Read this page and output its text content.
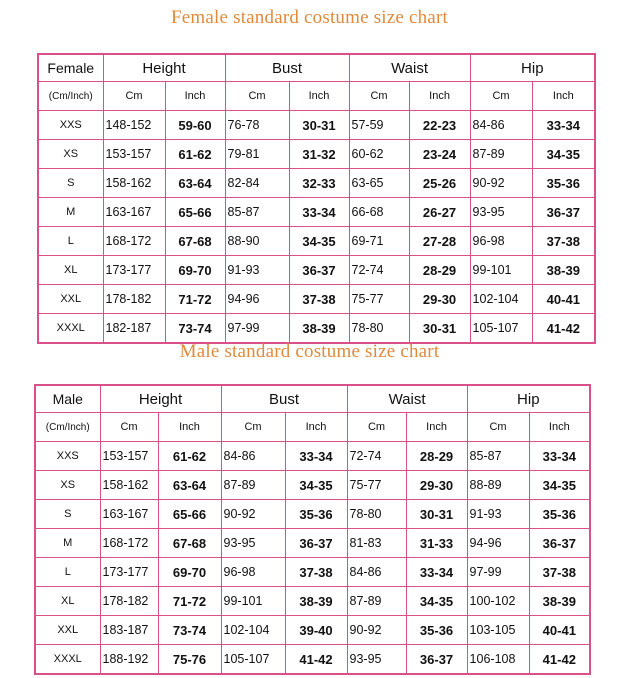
Female standard costume size chart
Female	Height		Bust		Waist		Hip	
(Cm/Inch)	Cm	Inch	Cm	Inch	Cm	Inch	Cm	Inch
XXS	148-152	59-60	76-78	30-31	57-59	22-23	84-86	33-34
XS	153-157	61-62	79-81	31-32	60-62	23-24	87-89	34-35
S	158-162	63-64	82-84	32-33	63-65	25-26	90-92	35-36
M	163-167	65-66	85-87	33-34	66-68	26-27	93-95	36-37
L	168-172	67-68	88-90	34-35	69-71	27-28	96-98	37-38
XL	173-177	69-70	91-93	36-37	72-74	28-29	99-101	38-39
XXL	178-182	71-72	94-96	37-38	75-77	29-30	102-104	40-41
XXXL	182-187	73-74	97-99	38-39	78-80	30-31	105-107	41-42
Male standard costume size chart
Male	Height		Bust		Waist		Hip	
(Cm/Inch)	Cm	Inch	Cm	Inch	Cm	Inch	Cm	Inch
XXS	153-157	61-62	84-86	33-34	72-74	28-29	85-87	33-34
XS	158-162	63-64	87-89	34-35	75-77	29-30	88-89	34-35
S	163-167	65-66	90-92	35-36	78-80	30-31	91-93	35-36
M	168-172	67-68	93-95	36-37	81-83	31-33	94-96	36-37
L	173-177	69-70	96-98	37-38	84-86	33-34	97-99	37-38
XL	178-182	71-72	99-101	38-39	87-89	34-35	100-102	38-39
XXL	183-187	73-74	102-104	39-40	90-92	35-36	103-105	40-41
XXXL	188-192	75-76	105-107	41-42	93-95	36-37	106-108	41-42
